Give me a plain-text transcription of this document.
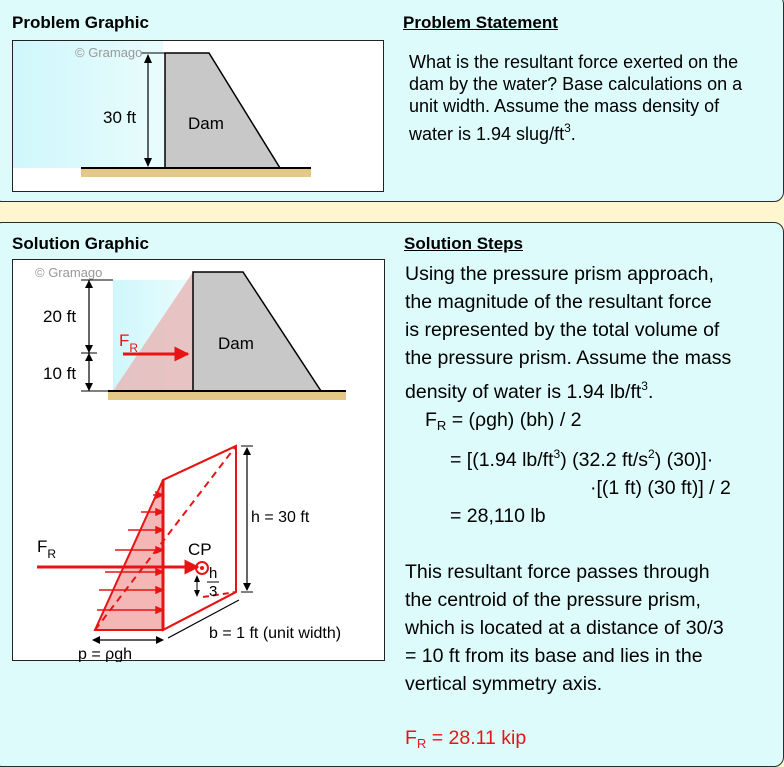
Problem Graphic	Problem Statement
© Gramago
30 ft	Dam
What is the resultant force exerted on the dam by the water? Base calculations on a unit width. Assume the mass density of water is 1.94 slug/$ft^3$.
Solution Graphic	Solution Steps
© Gramago
20 ft
10 ft
$F_R$	Dam
$F_R$	CP
h
3
h = 30 ft
b = 1 ft (unit width)
p = ρgh
Using the pressure prism approach,
the magnitude of the resultant force
is represented by the total volume of
the pressure prism. Assume the mass
density of water is 1.94 $lb/ft^3$.
$F_R = (\rho gh)$ (bh) / 2
= [(1.94 $lb/ft^3$) (32.2 $ft/s^2$) (30)]·
·[(1 ft) (30 ft)] / 2
= 28,110 lb
This resultant force passes through
the centroid of the pressure prism,
which is located at a distance of 30/3
= 10 ft from its base and lies in the
vertical symmetry axis.
$F_R = 28.11$ kip
